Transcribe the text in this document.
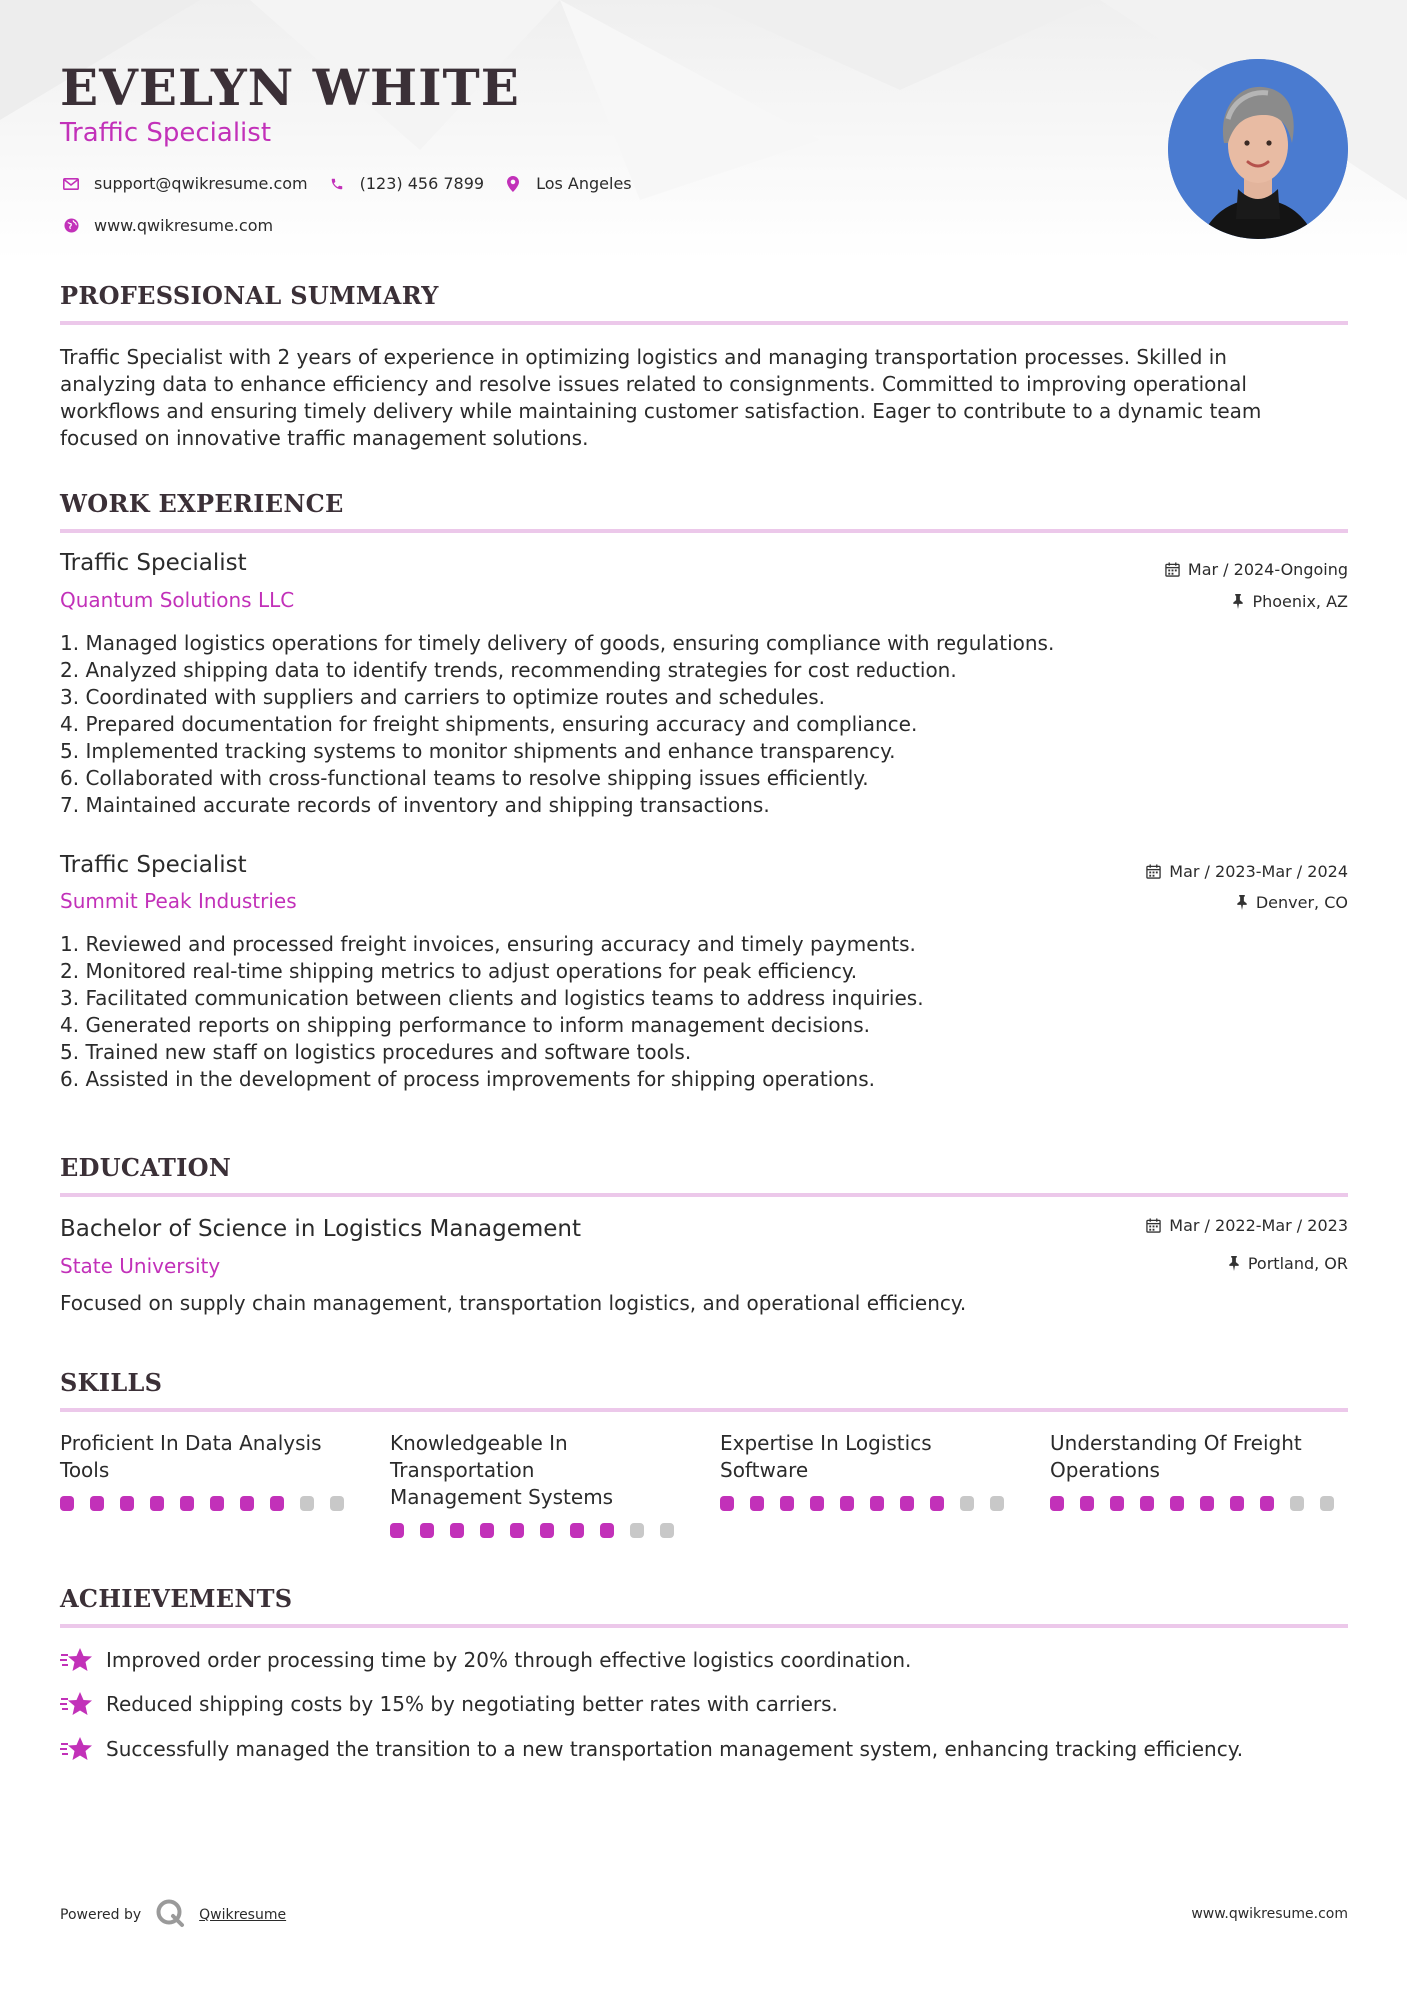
EVELYN WHITE
Traffic Specialist
support@qwikresume.com	(123) 456 7899	Los Angeles
www.qwikresume.com
PROFESSIONAL SUMMARY
Traffic Specialist with 2 years of experience in optimizing logistics and managing transportation processes. Skilled in
analyzing data to enhance efficiency and resolve issues related to consignments. Committed to improving operational
workflows and ensuring timely delivery while maintaining customer satisfaction. Eager to contribute to a dynamic team
focused on innovative traffic management solutions.
WORK EXPERIENCE
Traffic Specialist
Quantum Solutions LLC
Mar / 2024-Ongoing
Phoenix, AZ
1. Managed logistics operations for timely delivery of goods, ensuring compliance with regulations.
2. Analyzed shipping data to identify trends, recommending strategies for cost reduction.
3. Coordinated with suppliers and carriers to optimize routes and schedules.
4. Prepared documentation for freight shipments, ensuring accuracy and compliance.
5. Implemented tracking systems to monitor shipments and enhance transparency.
6. Collaborated with cross-functional teams to resolve shipping issues efficiently.
7. Maintained accurate records of inventory and shipping transactions.
Traffic Specialist
Summit Peak Industries
Mar / 2023-Mar / 2024
Denver, CO
1. Reviewed and processed freight invoices, ensuring accuracy and timely payments.
2. Monitored real-time shipping metrics to adjust operations for peak efficiency.
3. Facilitated communication between clients and logistics teams to address inquiries.
4. Generated reports on shipping performance to inform management decisions.
5. Trained new staff on logistics procedures and software tools.
6. Assisted in the development of process improvements for shipping operations.
EDUCATION
Bachelor of Science in Logistics Management
State University
Mar / 2022-Mar / 2023
Portland, OR
Focused on supply chain management, transportation logistics, and operational efficiency.
SKILLS
Proficient In Data Analysis
Tools
Knowledgeable In
Transportation
Management Systems
Expertise In Logistics
Software
Understanding Of Freight
Operations
ACHIEVEMENTS
Improved order processing time by 20% through effective logistics coordination.
Reduced shipping costs by 15% by negotiating better rates with carriers.
Successfully managed the transition to a new transportation management system, enhancing tracking efficiency.
Powered by	Qwikresume	www.qwikresume.com
